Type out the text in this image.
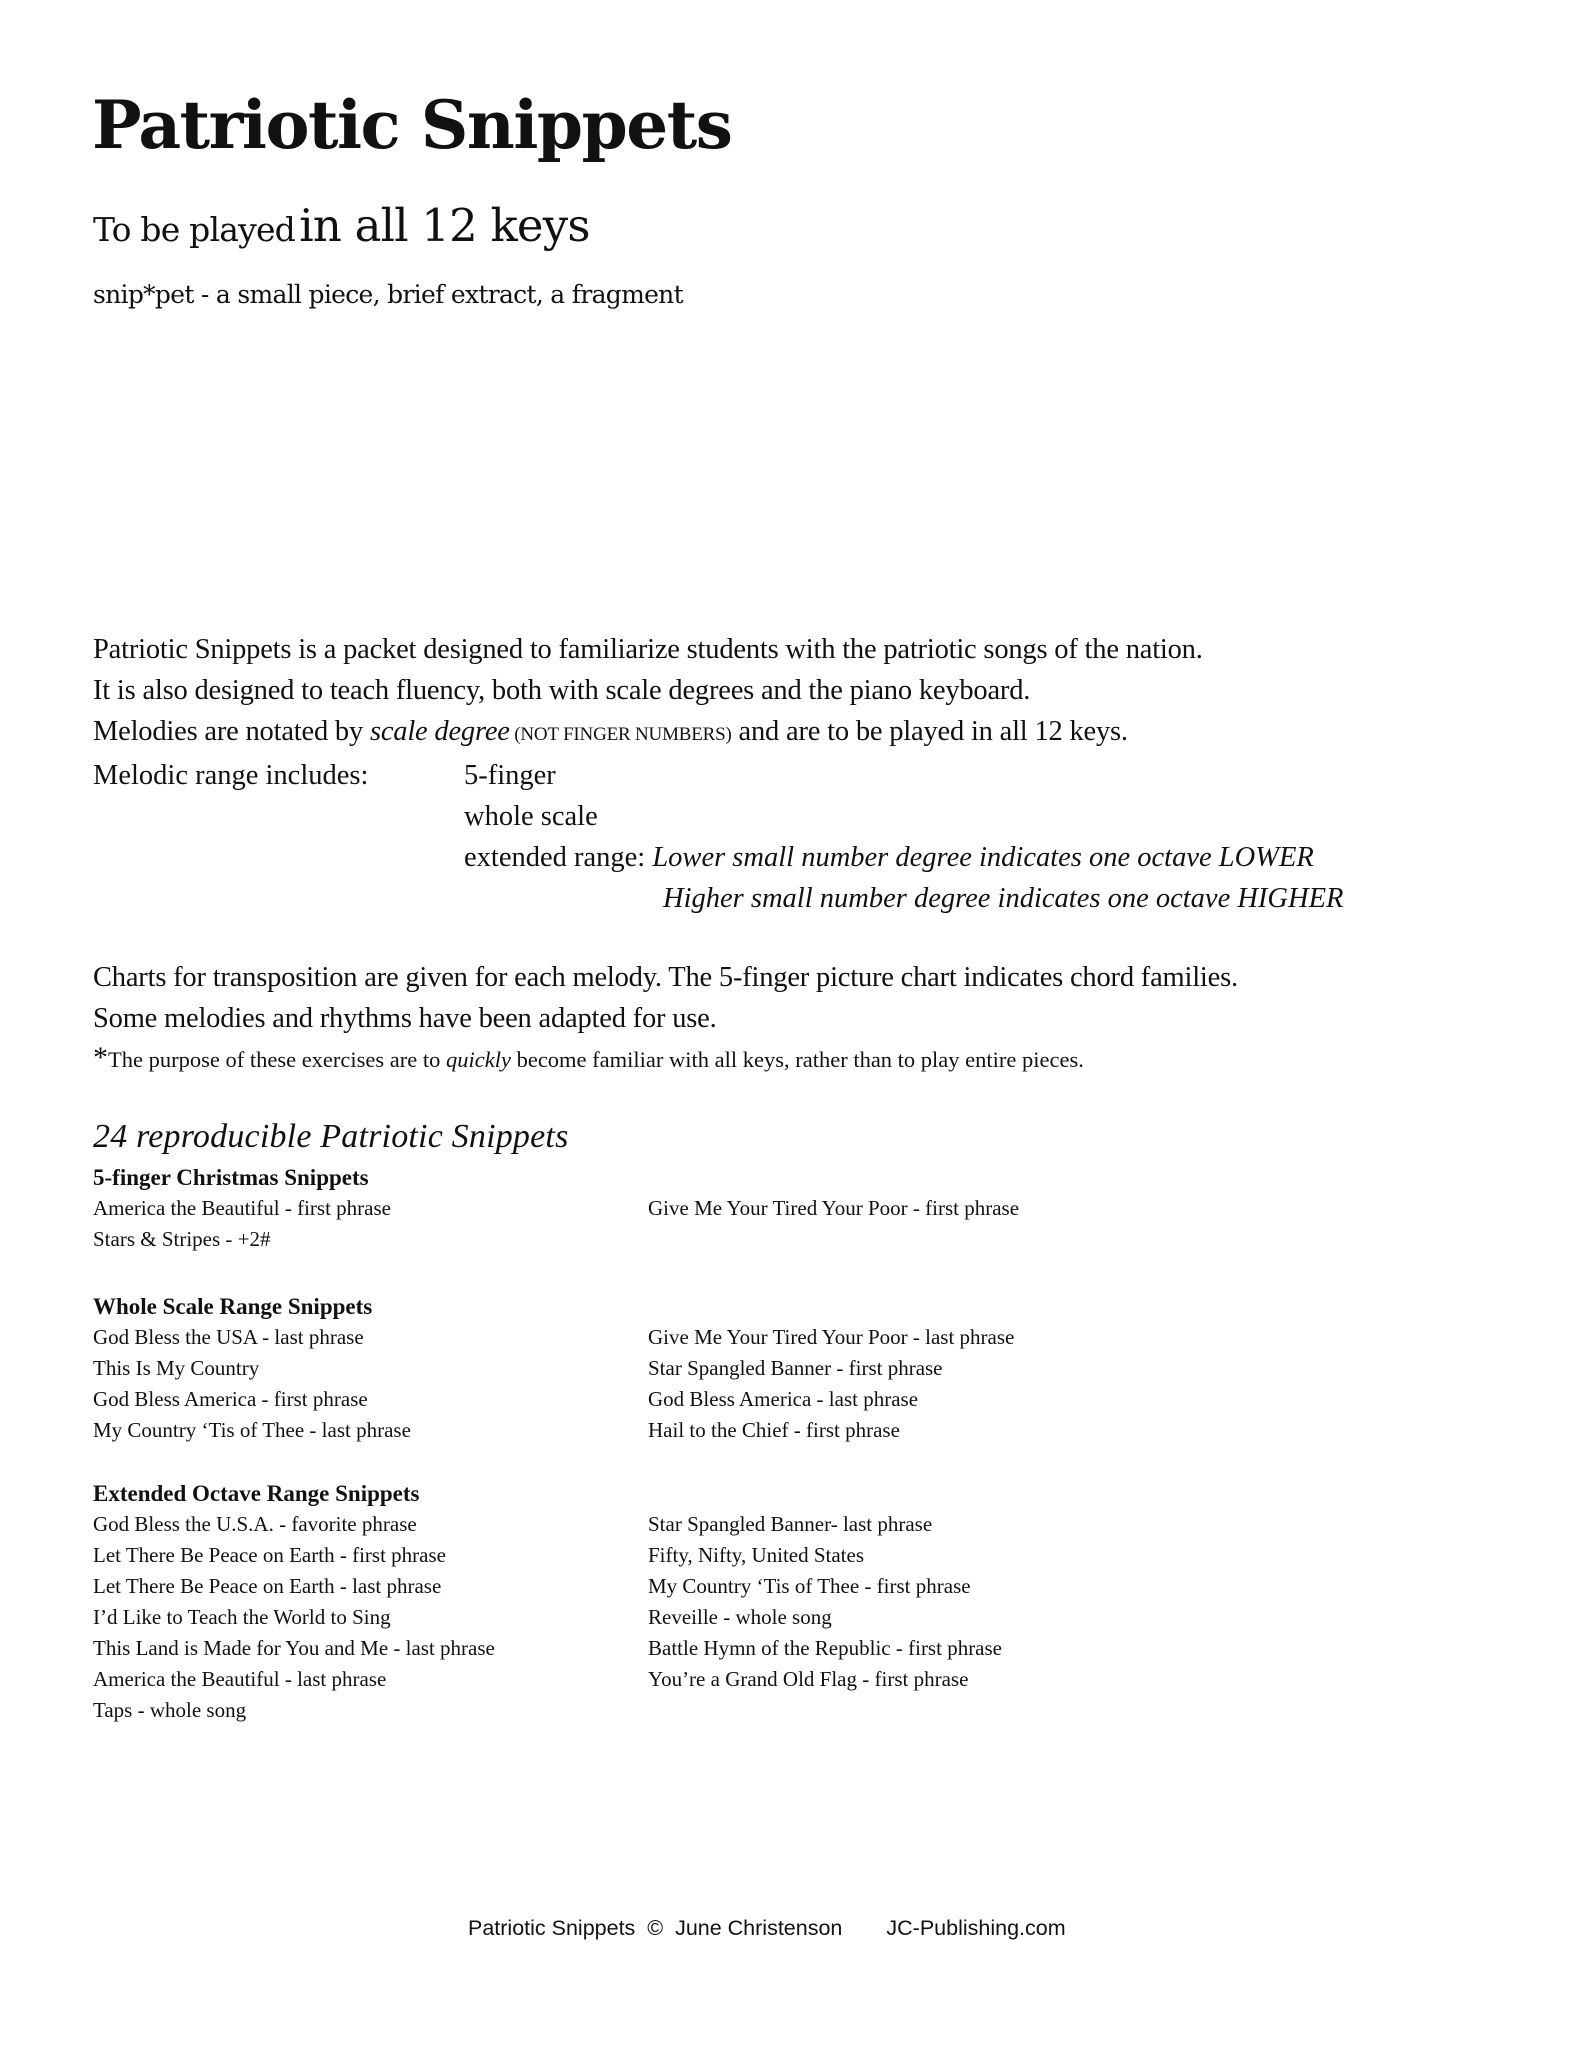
Patriotic Snippets
To be played in all 12 keys
snip*pet - a small piece, brief extract, a fragment
Patriotic Snippets is a packet designed to familiarize students with the patriotic songs of the nation.
It is also designed to teach fluency, both with scale degrees and the piano keyboard.
Melodies are notated by scale degree (NOT FINGER NUMBERS) and are to be played in all 12 keys.
Melodic range includes:	5-finger
whole scale
extended range: Lower small number degree indicates one octave LOWER
Higher small number degree indicates one octave HIGHER
Charts for transposition are given for each melody. The 5-finger picture chart indicates chord families.
Some melodies and rhythms have been adapted for use.
*The purpose of these exercises are to quickly become familiar with all keys, rather than to play entire pieces.
24 reproducible Patriotic Snippets
5-finger Christmas Snippets
America the Beautiful - first phrase
Stars & Stripes - +2#
Give Me Your Tired Your Poor - first phrase
Whole Scale Range Snippets
God Bless the USA - last phrase
This Is My Country
God Bless America - first phrase
My Country ‘Tis of Thee - last phrase
Give Me Your Tired Your Poor - last phrase
Star Spangled Banner - first phrase
God Bless America - last phrase
Hail to the Chief - first phrase
Extended Octave Range Snippets
God Bless the U.S.A. - favorite phrase
Let There Be Peace on Earth - first phrase
Let There Be Peace on Earth - last phrase
I’d Like to Teach the World to Sing
This Land is Made for You and Me - last phrase
America the Beautiful - last phrase
Taps - whole song
Star Spangled Banner- last phrase
Fifty, Nifty, United States
My Country ‘Tis of Thee - first phrase
Reveille - whole song
Battle Hymn of the Republic - first phrase
You’re a Grand Old Flag - first phrase
Patriotic Snippets © June Christenson JC-Publishing.com
